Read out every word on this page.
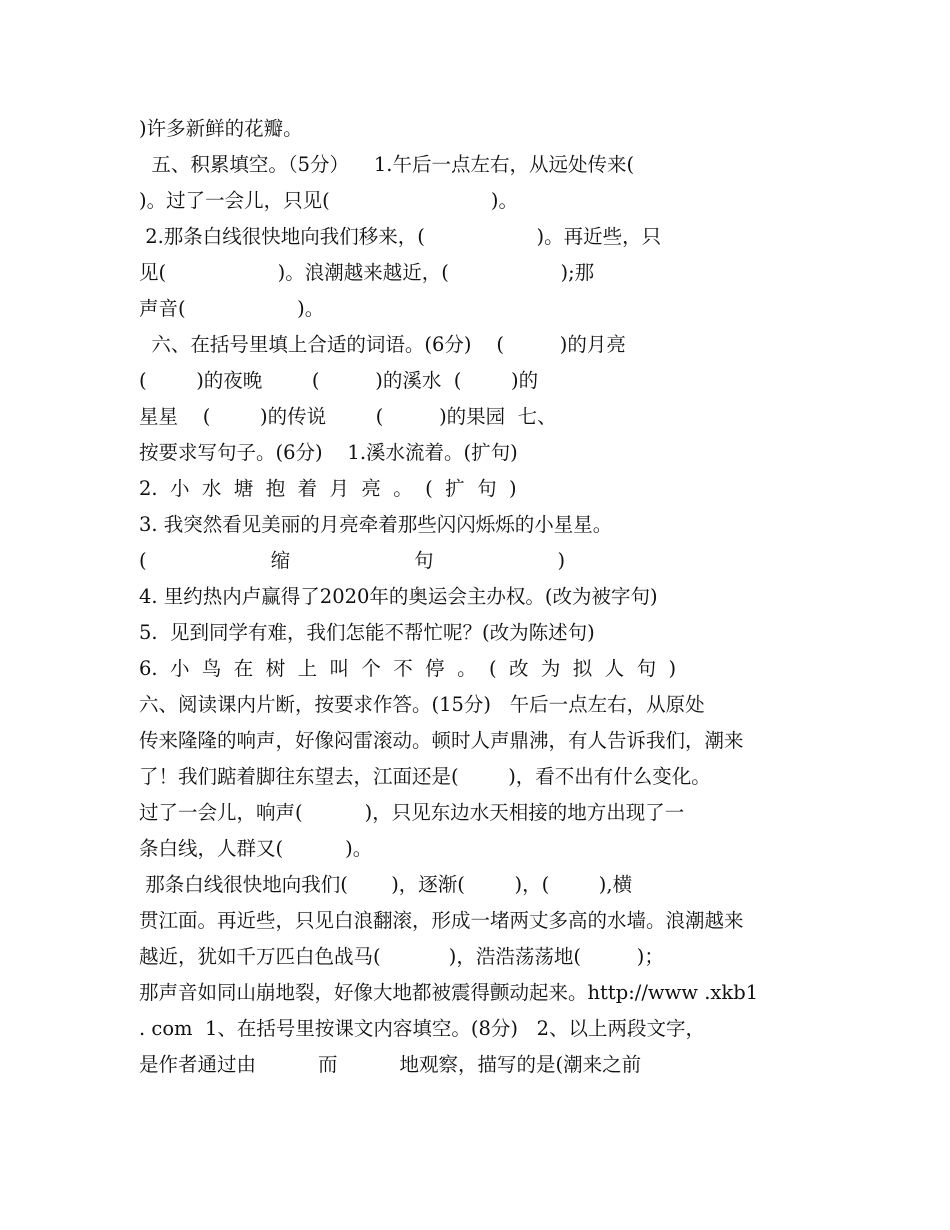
)许多新鲜的花瓣。
五、积累填空。（5分）    1.午后一点左右，从远处传来(
)。过了一会儿，只见(                          )。
2.那条白线很快地向我们移来，(                  )。再近些，只
见(                  )。浪潮越来越近，(                  );那
声音(                  )。
六、在括号里填上合适的词语。(6分)    (         )的月亮
(        )的夜晚        (         )的溪水  (        )的
星星    (        )的传说        (         )的果园  七、
按要求写句子。(6分)    1.溪水流着。(扩句)
2.  小  水  塘  抱  着  月  亮  。  (  扩  句  )
3. 我突然看见美丽的月亮牵着那些闪闪烁烁的小星星。
(                    缩                    句                    )
4. 里约热内卢赢得了2020年的奥运会主办权。(改为被字句)
5.  见到同学有难，我们怎能不帮忙呢？(改为陈述句)
6.  小  鸟  在  树  上  叫  个  不  停  。  (  改  为  拟  人  句  )
六、阅读课内片断，按要求作答。(15分)   午后一点左右，从原处
传来隆隆的响声，好像闷雷滚动。顿时人声鼎沸，有人告诉我们，潮来
了！我们踮着脚往东望去，江面还是(        )，看不出有什么变化。
过了一会儿，响声(          )，只见东边水天相接的地方出现了一
条白线，人群又(          )。
那条白线很快地向我们(       )，逐渐(        )，(        ),横
贯江面。再近些，只见白浪翻滚，形成一堵两丈多高的水墙。浪潮越来
越近，犹如千万匹白色战马(           )，浩浩荡荡地(         )；
那声音如同山崩地裂，好像大地都被震得颤动起来。http://www .xkb1
. com  1、在括号里按课文内容填空。(8分)   2、以上两段文字，
是作者通过由          而          地观察，描写的是(潮来之前
